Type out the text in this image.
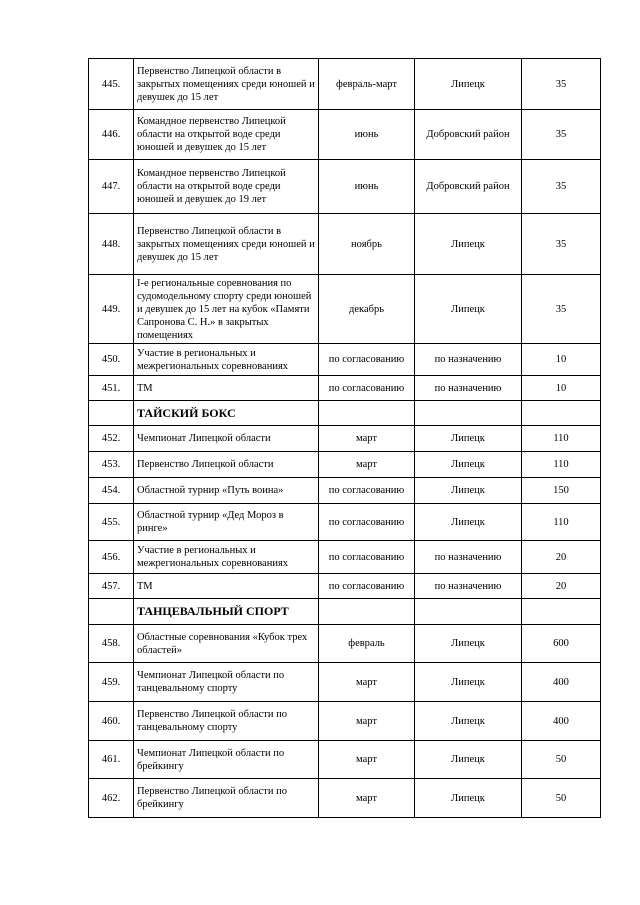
445.	Первенство Липецкой области в закрытых помещениях среди юношей и девушек до 15 лет	февраль-март	Липецк	35
446.	Командное первенство Липецкой области на открытой воде среди юношей и девушек до 15 лет	июнь	Добровский район	35
447.	Командное первенство Липецкой области на открытой воде среди юношей и девушек до 19 лет	июнь	Добровский район	35
448.	Первенство Липецкой области в закрытых помещениях среди юношей и девушек до 15 лет	ноябрь	Липецк	35
449.	I-е региональные соревнования по судомодельному спорту среди юношей и девушек до 15 лет на кубок «Памяти Сапронова С. Н.» в закрытых помещениях	декабрь	Липецк	35
450.	Участие в региональных и межрегиональных соревнованиях	по согласованию	по назначению	10
451.	ТМ	по согласованию	по назначению	10
	ТАЙСКИЙ БОКС			
452.	Чемпионат Липецкой области	март	Липецк	110
453.	Первенство Липецкой области	март	Липецк	110
454.	Областной турнир «Путь воина»	по согласованию	Липецк	150
455.	Областной турнир «Дед Мороз в ринге»	по согласованию	Липецк	110
456.	Участие в региональных и межрегиональных соревнованиях	по согласованию	по назначению	20
457.	ТМ	по согласованию	по назначению	20
	ТАНЦЕВАЛЬНЫЙ СПОРТ			
458.	Областные соревнования «Кубок трех областей»	февраль	Липецк	600
459.	Чемпионат Липецкой области по танцевальному спорту	март	Липецк	400
460.	Первенство Липецкой области по танцевальному спорту	март	Липецк	400
461.	Чемпионат Липецкой области по брейкингу	март	Липецк	50
462.	Первенство Липецкой области по брейкингу	март	Липецк	50
